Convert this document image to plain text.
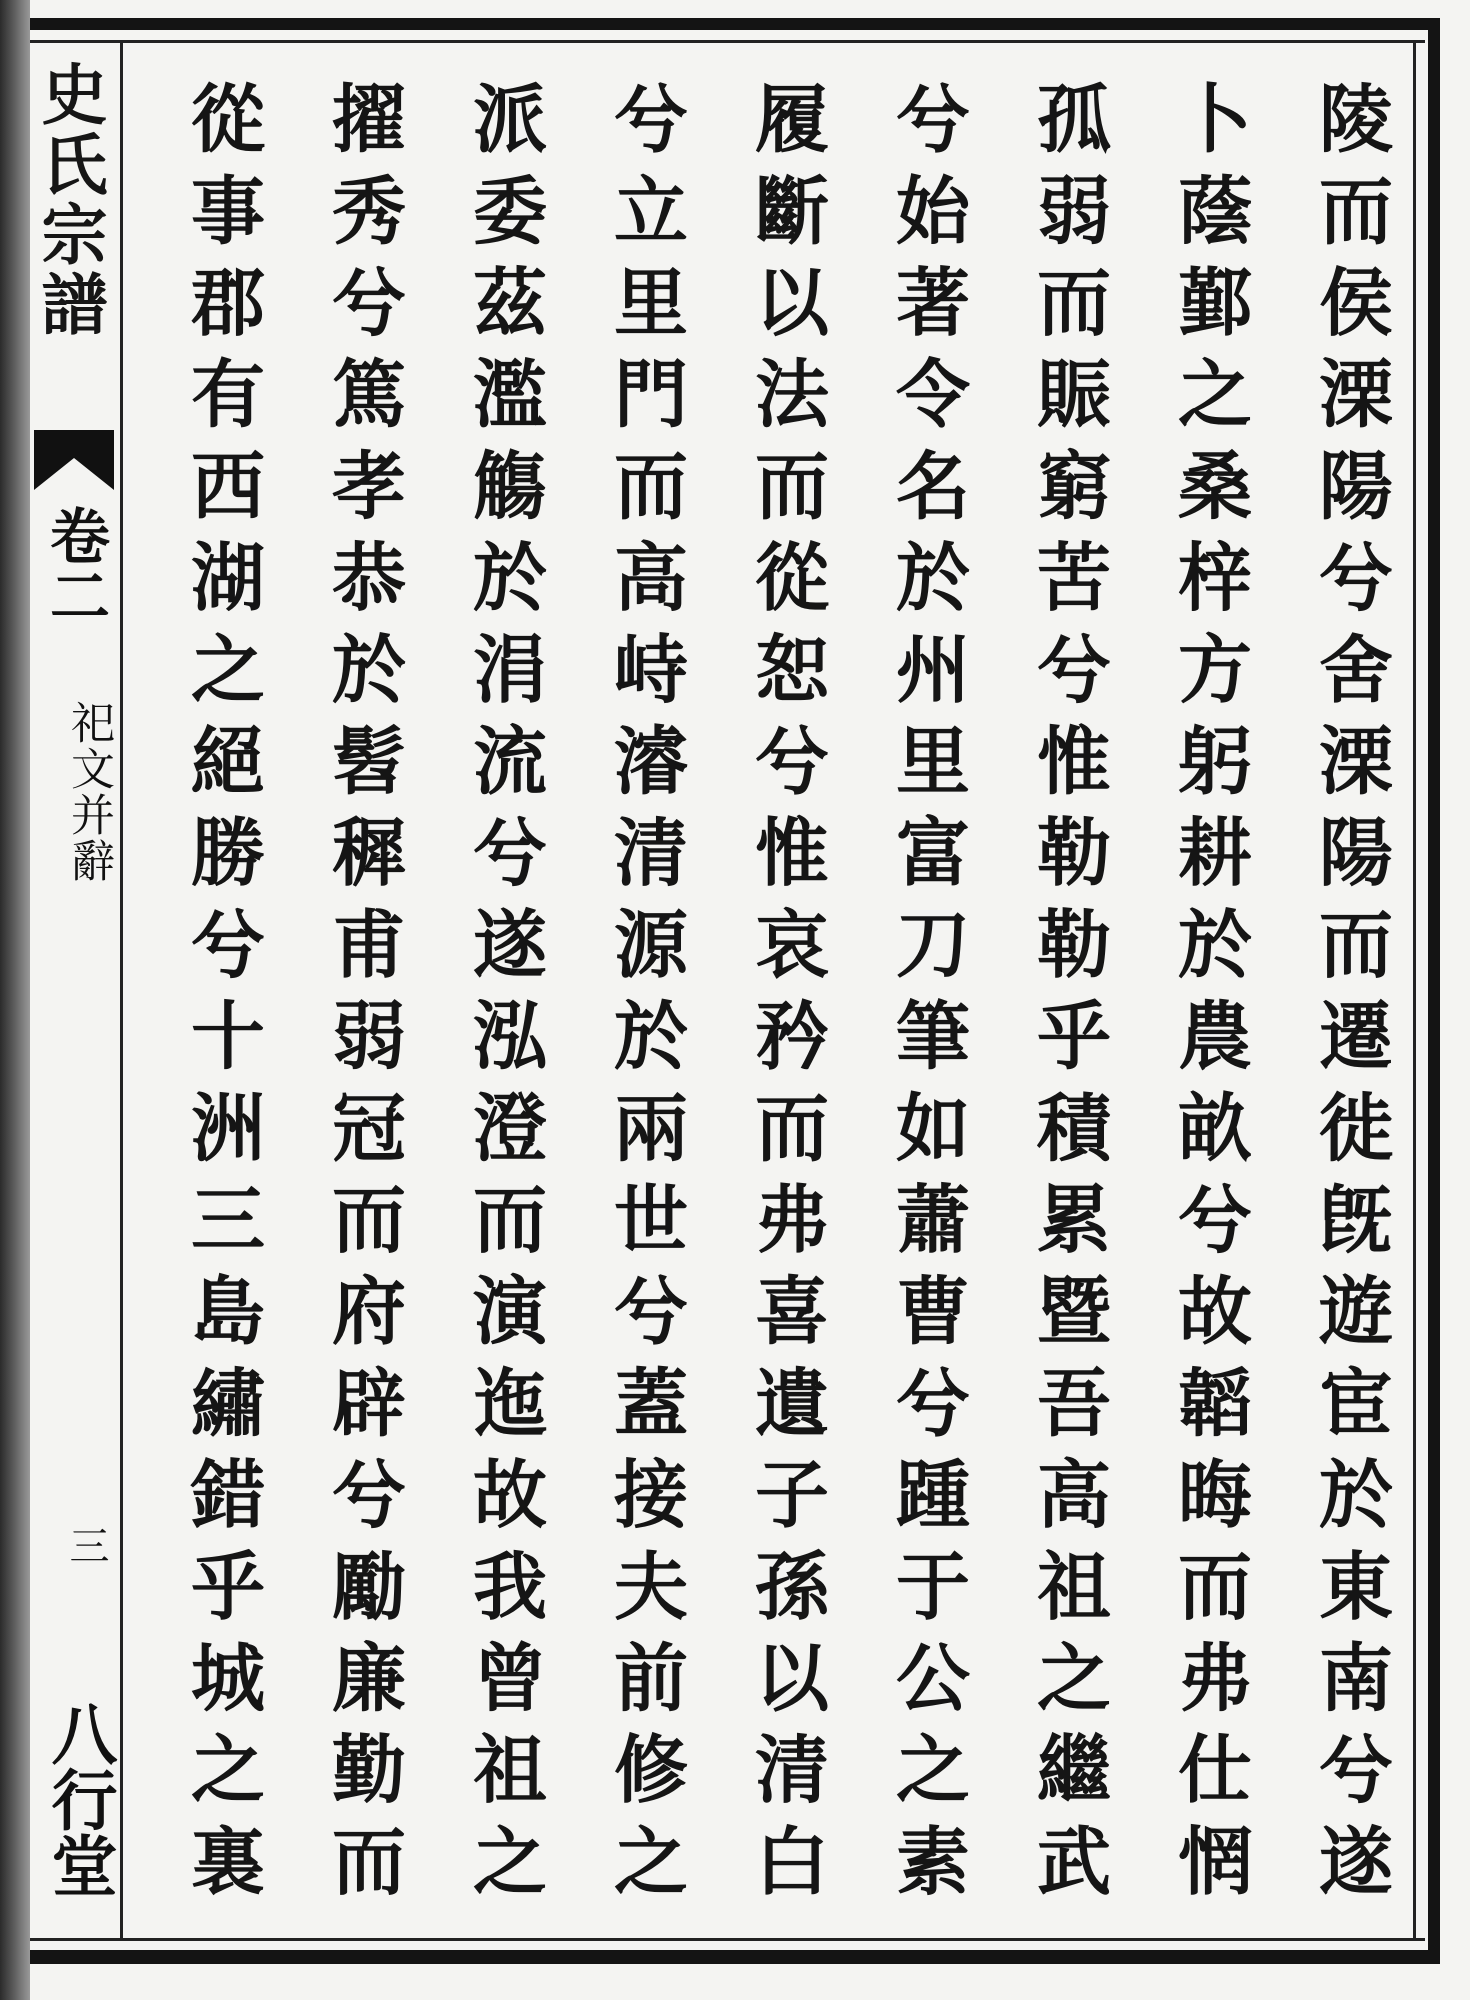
史氏宗譜
卷二
祀文并辭
三
八行堂	陵而侯溧陽兮舍溧陽而遷徙旣遊宦於東南兮遂
卜蔭鄞之桑梓方躬耕於農畝兮故韜晦而弗仕惘
孤弱而賑窮苦兮惟勒勒乎積累暨吾高祖之繼武
兮始著令名於州里富刀筆如蕭曹兮踵于公之素
履斷以法而從恕兮惟哀矜而弗喜遺子孫以清白
兮立里門而高峙濬清源於兩世兮蓋接夫前修之
派委茲濫觴於涓流兮遂泓澄而演迤故我曾祖之
擢秀兮篤孝恭於髫穉甫弱冠而府辟兮勵廉勤而
從事郡有西湖之絕勝兮十洲三島繡錯乎城之裏
